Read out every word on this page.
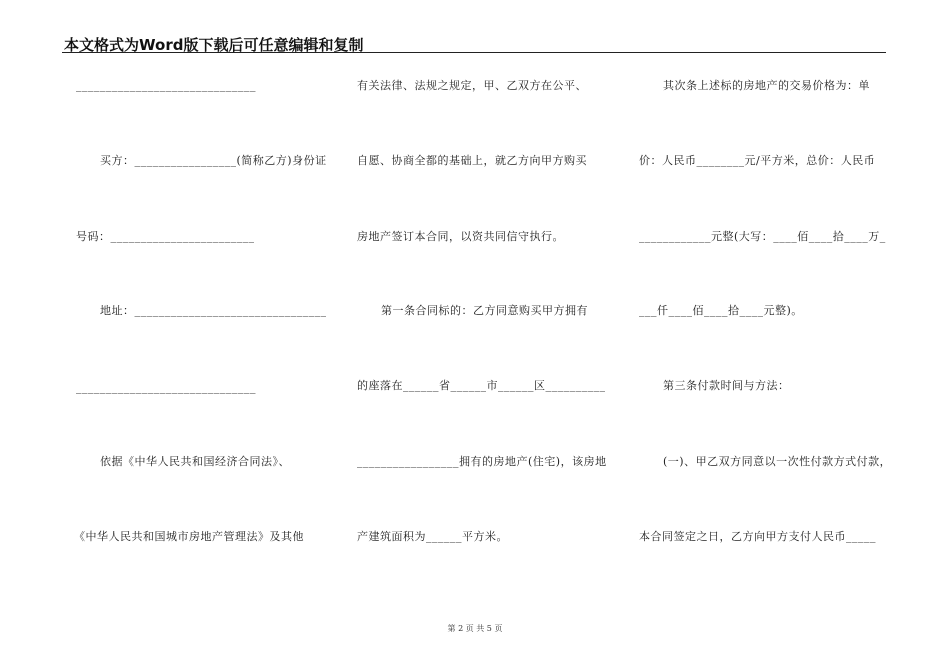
本文格式为Word版下载后可任意编辑和复制
______________________________
买方：_________________(简称乙方)身份证
号码：________________________
地址：________________________________
______________________________
依据《中华人民共和国经济合同法》、
《中华人民共和国城市房地产管理法》及其他
有关法律、法规之规定，甲、乙双方在公平、
自愿、协商全都的基础上，就乙方向甲方购买
房地产签订本合同，以资共同信守执行。
第一条合同标的：乙方同意购买甲方拥有
的座落在______省______市______区__________
_________________拥有的房地产(住宅)，该房地
产建筑面积为______平方米。
其次条上述标的房地产的交易价格为：单
价：人民币________元/平方米，总价：人民币
____________元整(大写：____佰____拾____万_
___仟____佰____拾____元整)。
第三条付款时间与方法：
(一)、甲乙双方同意以一次性付款方式付款，
本合同签定之日，乙方向甲方支付人民币_____
第 2 页 共 5 页
